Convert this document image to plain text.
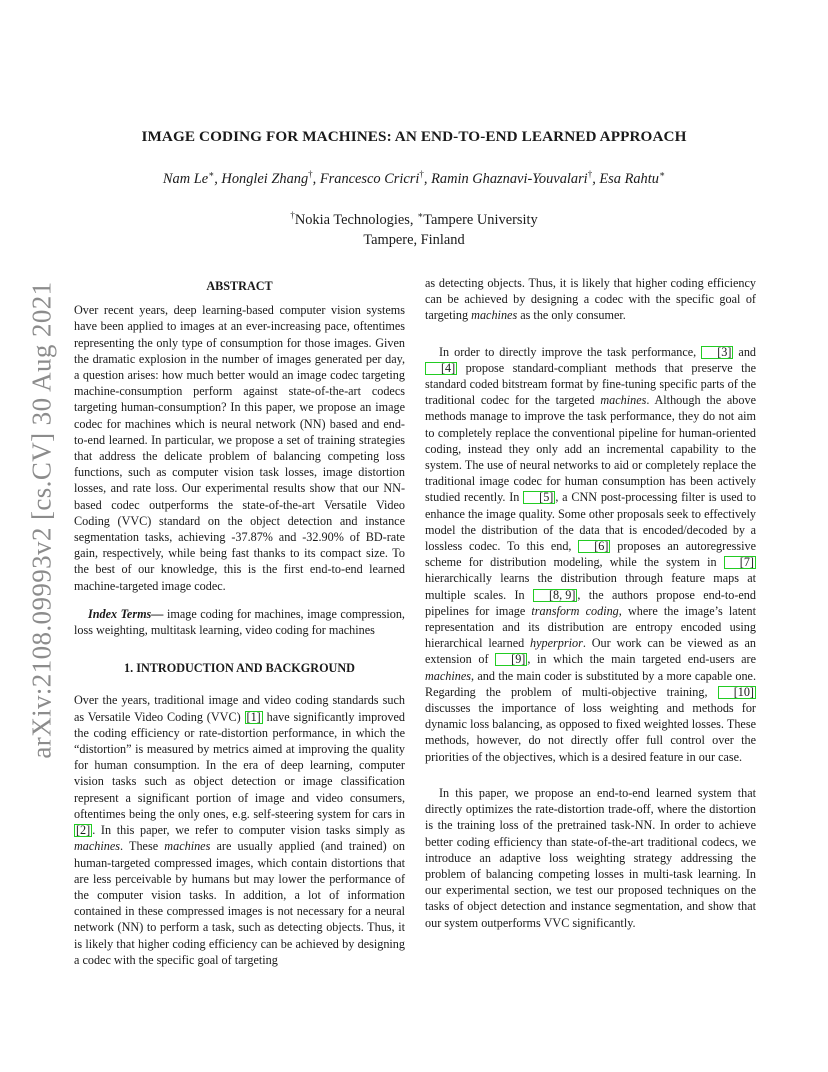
arXiv:2108.09993v2 [cs.CV] 30 Aug 2021
IMAGE CODING FOR MACHINES: AN END-TO-END LEARNED APPROACH
Nam Le∗, Honglei Zhang†, Francesco Cricri†, Ramin Ghaznavi-Youvalari†, Esa Rahtu∗
†Nokia Technologies, ∗Tampere University
Tampere, Finland
ABSTRACT

Over recent years, deep learning-based computer vision systems have been applied to images at an ever-increasing pace, oftentimes representing the only type of consumption for those images. Given the dramatic explosion in the number of images generated per day, a question arises: how much better would an image codec targeting machine-consumption perform against state-of-the-art codecs targeting human-consumption? In this paper, we propose an image codec for machines which is neural network (NN) based and end-to-end learned. In particular, we propose a set of training strategies that address the delicate problem of balancing competing loss functions, such as computer vision task losses, image distortion losses, and rate loss. Our experimental results show that our NN-based codec outperforms the state-of-the-art Versatile Video Coding (VVC) standard on the object detection and instance segmentation tasks, achieving -37.87% and -32.90% of BD-rate gain, respectively, while being fast thanks to its compact size. To the best of our knowledge, this is the first end-to-end learned machine-targeted image codec.

Index Terms— image coding for machines, image compression, loss weighting, multitask learning, video coding for machines

1. INTRODUCTION AND BACKGROUND

Over the years, traditional image and video coding standards such as Versatile Video Coding (VVC) [1] have significantly improved the coding efficiency or rate-distortion performance, in which the “distortion” is measured by metrics aimed at improving the quality for human consumption. In the era of deep learning, computer vision tasks such as object detection or image classification represent a significant portion of image and video consumers, oftentimes being the only ones, e.g. self-steering system for cars in [2] . In this paper, we refer to computer vision tasks simply as machines. These machines are usually applied (and trained) on human-targeted compressed images, which contain distortions that are less perceivable by humans but may lower the performance of the computer vision tasks. In addition, a lot of information contained in these compressed images is not necessary for a neural network (NN) to perform a task, such as detecting objects. Thus, it is likely that higher coding efficiency can be achieved by designing a codec with the specific goal of targeting

as detecting objects. Thus, it is likely that higher coding efficiency can be achieved by designing a codec with the specific goal of targeting machines as the only consumer.

In order to directly improve the task performance, [3] and [4] propose standard-compliant methods that preserve the standard coded bitstream format by fine-tuning specific parts of the traditional codec for the targeted machines. Although the above methods manage to improve the task performance, they do not aim to completely replace the conventional pipeline for human-oriented coding, instead they only add an incremental capability to the system. The use of neural networks to aid or completely replace the traditional image codec for human consumption has been actively studied recently. In [5] , a CNN post-processing filter is used to enhance the image quality. Some other proposals seek to effectively model the distribution of the data that is encoded/decoded by a lossless codec. To this end, [6] proposes an autoregressive scheme for distribution modeling, while the system in [7] hierarchically learns the distribution through feature maps at multiple scales. In [8, 9] , the authors propose end-to-end pipelines for image transform coding, where the image’s latent representation and its distribution are entropy encoded using hierarchical learned hyperprior. Our work can be viewed as an extension of [9] , in which the main targeted end-users are machines, and the main coder is substituted by a more capable one. Regarding the problem of multi-objective training, [10] discusses the importance of loss weighting and methods for dynamic loss balancing, as opposed to fixed weighted losses. These methods, however, do not directly offer full control over the priorities of the objectives, which is a desired feature in our case.

In this paper, we propose an end-to-end learned system that directly optimizes the rate-distortion trade-off, where the distortion is the training loss of the pretrained task-NN. In order to achieve better coding efficiency than state-of-the-art traditional codecs, we introduce an adaptive loss weighting strategy addressing the problem of balancing competing losses in multi-task learning. In our experimental section, we test our proposed techniques on the tasks of object detection and instance segmentation, and show that our system outperforms VVC significantly.
